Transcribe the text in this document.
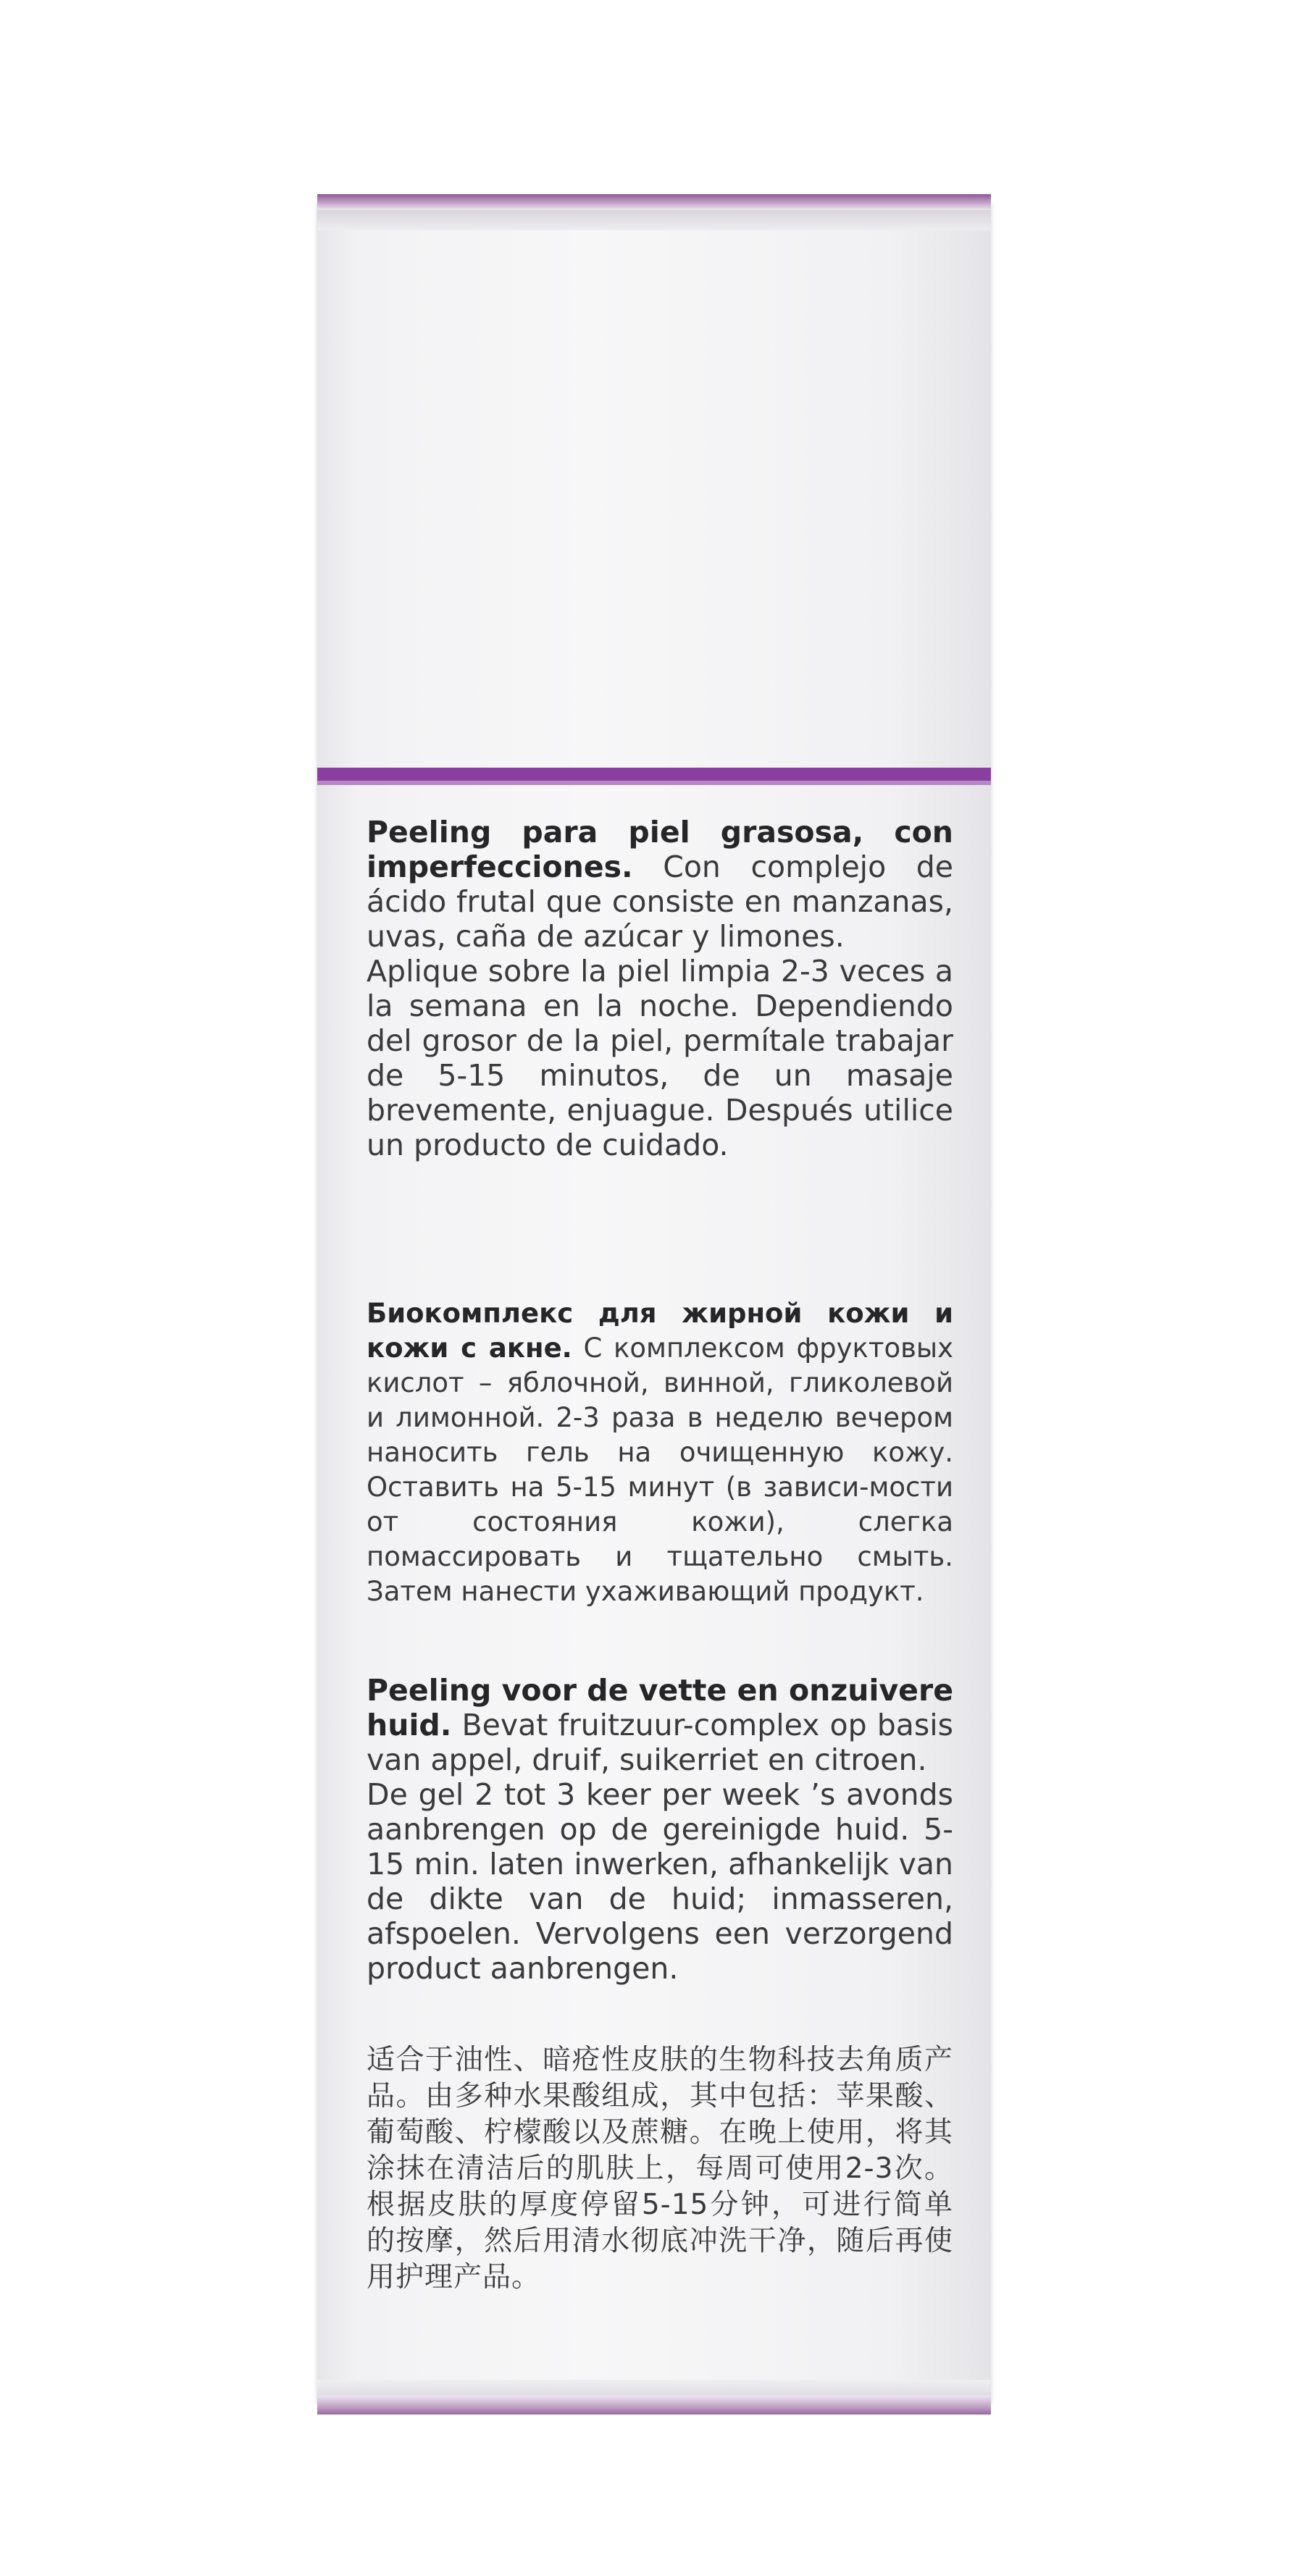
Peeling para piel grasosa, con imperfecciones. Con complejo de ácido frutal que consiste en manzanas, uvas, caña de azúcar y limones.

Aplique sobre la piel limpia 2-3 veces a la semana en la noche. Dependiendo del grosor de la piel, permítale trabajar de 5-15 minutos, de un masaje brevemente, enjuague. Después utilice un producto de cuidado.

Биокомплекс для жирной кожи и кожи с акне. С комплексом фруктовых кислот – яблочной, винной, гликолевой и лимонной. 2-3 раза в неделю вечером наносить гель на очищенную кожу. Оставить на 5-15 минут (в зависи-мости от состояния кожи), слегка помассировать и тщательно смыть. Затем нанести ухаживающий продукт.

Peeling voor de vette en onzuivere huid. Bevat fruitzuur-complex op basis van appel, druif, suikerriet en citroen.

De gel 2 tot 3 keer per week ’s avonds aanbrengen op de gereinigde huid. 5-15 min. laten inwerken, afhankelijk van de dikte van de huid; inmasseren, afspoelen. Vervolgens een verzorgend product aanbrengen.

适合于油性、暗疮性皮肤的生物科技去角质产品。由多种水果酸组成，其中包括：苹果酸、葡萄酸、柠檬酸以及蔗糖。在晚上使用，将其涂抹在清洁后的肌肤上，每周可使用2-3次。根据皮肤的厚度停留5-15分钟，可进行简单的按摩，然后用清水彻底冲洗干净，随后再使用护理产品。
